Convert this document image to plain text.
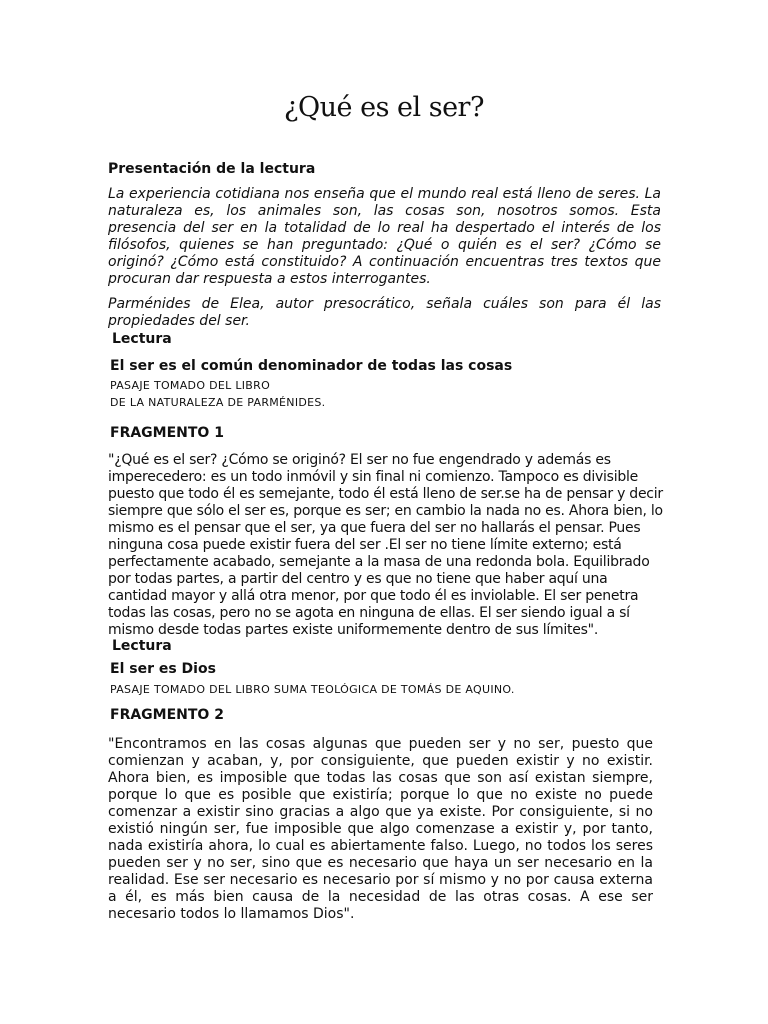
¿Qué es el ser?

Presentación de la lectura

La experiencia cotidiana nos enseña que el mundo real está lleno de seres. La naturaleza es, los animales son, las cosas son, nosotros somos. Esta presencia del ser en la totalidad de lo real ha despertado el interés de los filósofos, quienes se han preguntado: ¿Qué o quién es el ser? ¿Cómo se originó? ¿Cómo está constituido? A continuación encuentras tres textos que procuran dar respuesta a estos interrogantes.

Parménides de Elea, autor presocrático, señala cuáles son para él las propiedades del ser.

Lectura

El ser es el común denominador de todas las cosas

PASAJE TOMADO DEL LIBRO

DE LA NATURALEZA DE PARMÉNIDES.

FRAGMENTO 1

"¿Qué es el ser? ¿Cómo se originó? El ser no fue engendrado y además es imperecedero: es un todo inmóvil y sin final ni comienzo. Tampoco es divisible puesto que todo él es semejante, todo él está lleno de ser.se ha de pensar y decir siempre que sólo el ser es, porque es ser; en cambio la nada no es. Ahora bien, lo mismo es el pensar que el ser, ya que fuera del ser no hallarás el pensar. Pues ninguna cosa puede existir fuera del ser .El ser no tiene límite externo; está perfectamente acabado, semejante a la masa de una redonda bola. Equilibrado por todas partes, a partir del centro y es que no tiene que haber aquí una cantidad mayor y allá otra menor, por que todo él es inviolable. El ser penetra todas las cosas, pero no se agota en ninguna de ellas. El ser siendo igual a sí mismo desde todas partes existe uniformemente dentro de sus límites".

Lectura

El ser es Dios

PASAJE TOMADO DEL LIBRO SUMA TEOLÓGICA DE TOMÁS DE AQUINO.

FRAGMENTO 2

"Encontramos en las cosas algunas que pueden ser y no ser, puesto que comienzan y acaban, y, por consiguiente, que pueden existir y no existir. Ahora bien, es imposible que todas las cosas que son así existan siempre, porque lo que es posible que existiría; porque lo que no existe no puede comenzar a existir sino gracias a algo que ya existe. Por consiguiente, si no existió ningún ser, fue imposible que algo comenzase a existir y, por tanto, nada existiría ahora, lo cual es abiertamente falso. Luego, no todos los seres pueden ser y no ser, sino que es necesario que haya un ser necesario en la realidad. Ese ser necesario es necesario por sí mismo y no por causa externa a él, es más bien causa de la necesidad de las otras cosas. A ese ser necesario todos lo llamamos Dios".
